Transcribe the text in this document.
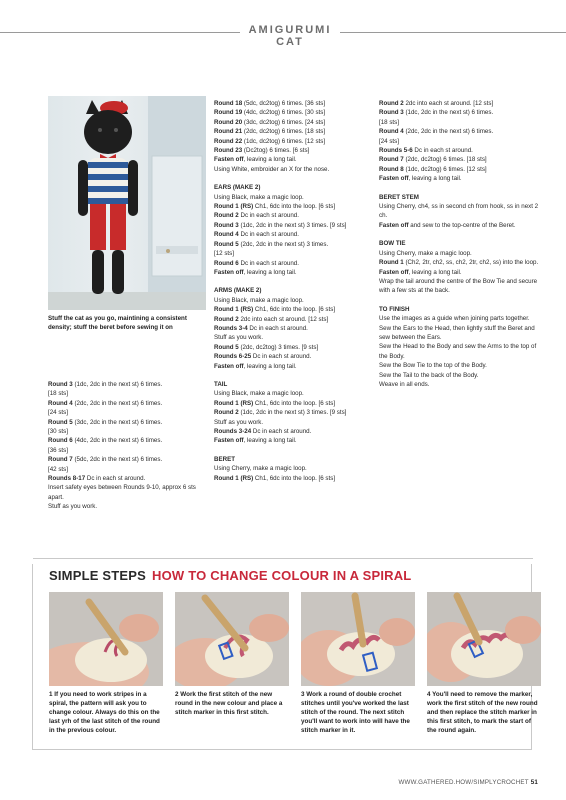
AMIGURUMI CAT
Stuff the cat as you go, maintining a consistent density; stuff the beret before sewing it on
Round 3 (1dc, 2dc in the next st) 6 times.
[18 sts]
Round 4 (2dc, 2dc in the next st) 6 times.
[24 sts]
Round 5 (3dc, 2dc in the next st) 6 times.
[30 sts]
Round 6 (4dc, 2dc in the next st) 6 times.
[36 sts]
Round 7 (5dc, 2dc in the next st) 6 times.
[42 sts]
Rounds 8-17 Dc in each st around.
Insert safety eyes between Rounds 9-10, approx 6 sts apart.
Stuff as you work.
Round 18 (5dc, dc2tog) 6 times. [36 sts]
Round 19 (4dc, dc2tog) 6 times. [30 sts]
Round 20 (3dc, dc2tog) 6 times. [24 sts]
Round 21 (2dc, dc2tog) 6 times. [18 sts]
Round 22 (1dc, dc2tog) 6 times. [12 sts]
Round 23 (Dc2tog) 6 times. [6 sts]
Fasten off, leaving a long tail.
Using White, embroider an X for the nose.
EARS (MAKE 2)
Using Black, make a magic loop.
Round 1 (RS) Ch1, 6dc into the loop. [6 sts]
Round 2 Dc in each st around.
Round 3 (1dc, 2dc in the next st) 3 times. [9 sts]
Round 4 Dc in each st around.
Round 5 (2dc, 2dc in the next st) 3 times.
[12 sts]
Round 6 Dc in each st around.
Fasten off, leaving a long tail.
ARMS (MAKE 2)
Using Black, make a magic loop.
Round 1 (RS) Ch1, 6dc into the loop. [6 sts]
Round 2 2dc into each st around. [12 sts]
Rounds 3-4 Dc in each st around.
Stuff as you work.
Round 5 (2dc, dc2tog) 3 times. [9 sts]
Rounds 6-25 Dc in each st around.
Fasten off, leaving a long tail.
TAIL
Using Black, make a magic loop.
Round 1 (RS) Ch1, 6dc into the loop. [6 sts]
Round 2 (1dc, 2dc in the next st) 3 times. [9 sts]
Stuff as you work.
Rounds 3-24 Dc in each st around.
Fasten off, leaving a long tail.
BERET
Using Cherry, make a magic loop.
Round 1 (RS) Ch1, 6dc into the loop. [6 sts]
Round 2 2dc into each st around. [12 sts]
Round 3 (1dc, 2dc in the next st) 6 times.
[18 sts]
Round 4 (2dc, 2dc in the next st) 6 times.
[24 sts]
Rounds 5-6 Dc in each st around.
Round 7 (2dc, dc2tog) 6 times. [18 sts]
Round 8 (1dc, dc2tog) 6 times. [12 sts]
Fasten off, leaving a long tail.
BERET STEM
Using Cherry, ch4, ss in second ch from hook, ss in next 2 ch.
Fasten off and sew to the top-centre of the Beret.
BOW TIE
Using Cherry, make a magic loop.
Round 1 (Ch2, 2tr, ch2, ss, ch2, 2tr, ch2, ss) into the loop.
Fasten off, leaving a long tail.
Wrap the tail around the centre of the Bow Tie and secure with a few sts at the back.
TO FINISH
Use the images as a guide when joining parts together.
Sew the Ears to the Head, then lightly stuff the Beret and sew between the Ears.
Sew the Head to the Body and sew the Arms to the top of the Body.
Sew the Bow Tie to the top of the Body.
Sew the Tail to the back of the Body.
Weave in all ends.
SIMPLE STEPS HOW TO CHANGE COLOUR IN A SPIRAL
1 If you need to work stripes in a spiral, the pattern will ask you to change colour. Always do this on the last yrh of the last stitch of the round in the previous colour.
2 Work the first stitch of the new round in the new colour and place a stitch marker in this first stitch.
3 Work a round of double crochet stitches until you've worked the last stitch of the round. The next stitch you'll want to work into will have the stitch marker in it.
4 You'll need to remove the marker, work the first stitch of the new round and then replace the stitch marker in this first stitch, to mark the start of the round again.
WWW.GATHERED.HOW/SIMPLYCROCHET 51
